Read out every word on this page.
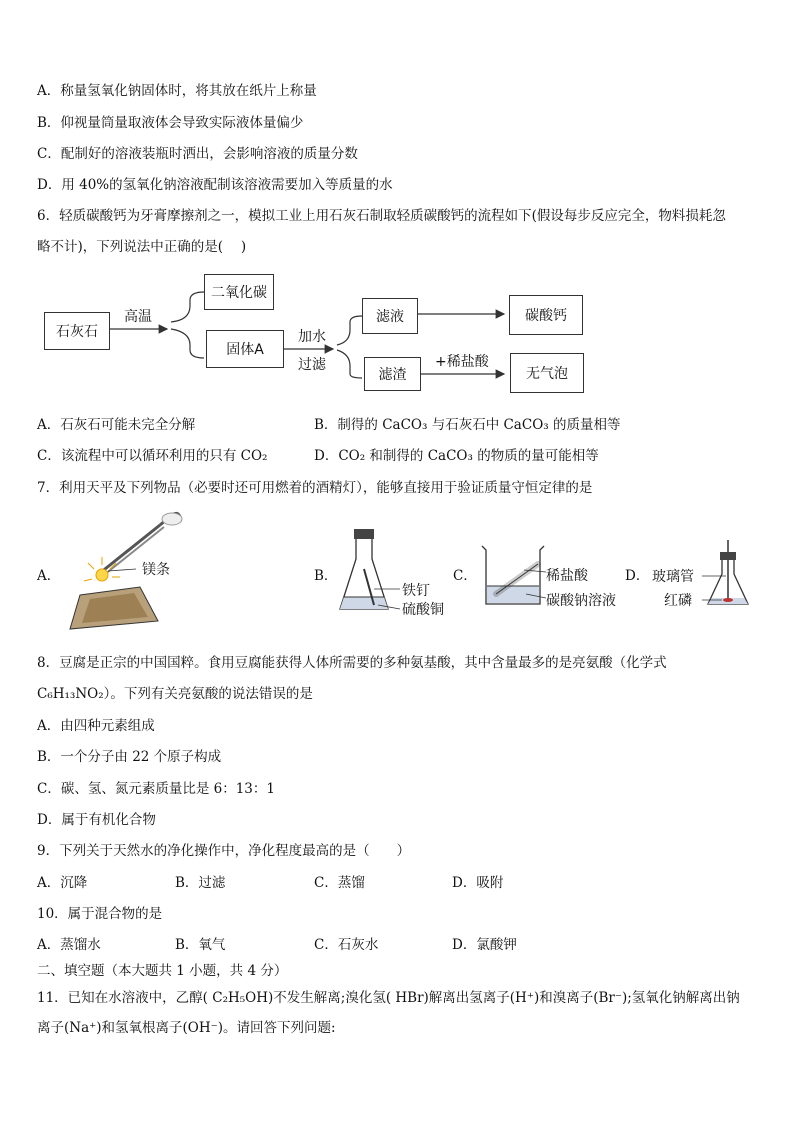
A．称量氢氧化钠固体时，将其放在纸片上称量
B．仰视量筒量取液体会导致实际液体量偏少
C．配制好的溶液装瓶时洒出，会影响溶液的质量分数
D．用 40%的氢氧化钠溶液配制该溶液需要加入等质量的水
6．轻质碳酸钙为牙膏摩擦剂之一，模拟工业上用石灰石制取轻质碳酸钙的流程如下(假设每步反应完全，物料损耗忽
略不计)，下列说法中正确的是(　 )
石灰石
高温
二氧化碳
固体A
加水
过滤
滤液
滤渣
+稀盐酸
碳酸钙
无气泡
A．石灰石可能未完全分解	B．制得的 CaCO₃ 与石灰石中 CaCO₃ 的质量相等
C．该流程中可以循环利用的只有 CO₂	D．CO₂ 和制得的 CaCO₃ 的物质的量可能相等
7．利用天平及下列物品（必要时还可用燃着的酒精灯），能够直接用于验证质量守恒定律的是
A．	镁条	B．
铁钉
硫酸铜
C．	稀盐酸
碳酸钠溶液
D． 玻璃管
红磷
8．豆腐是正宗的中国国粹。食用豆腐能获得人体所需要的多种氨基酸，其中含量最多的是亮氨酸（化学式
C₆H₁₃NO₂）。下列有关亮氨酸的说法错误的是
A．由四种元素组成
B．一个分子由 22 个原子构成
C．碳、氢、氮元素质量比是 6：13：1
D．属于有机化合物
9．下列关于天然水的净化操作中，净化程度最高的是（　　）
A．沉降	B．过滤	C．蒸馏	D．吸附
10．属于混合物的是
A．蒸馏水	B．氧气	C．石灰水	D．氯酸钾
二、填空题（本大题共 1 小题，共 4 分）
11．已知在水溶液中，乙醇( C₂H₅OH)不发生解离;溴化氢( HBr)解离出氢离子(H⁺)和溴离子(Br⁻);氢氧化钠解离出钠
离子(Na⁺)和氢氧根离子(OH⁻)。请回答下列问题:
